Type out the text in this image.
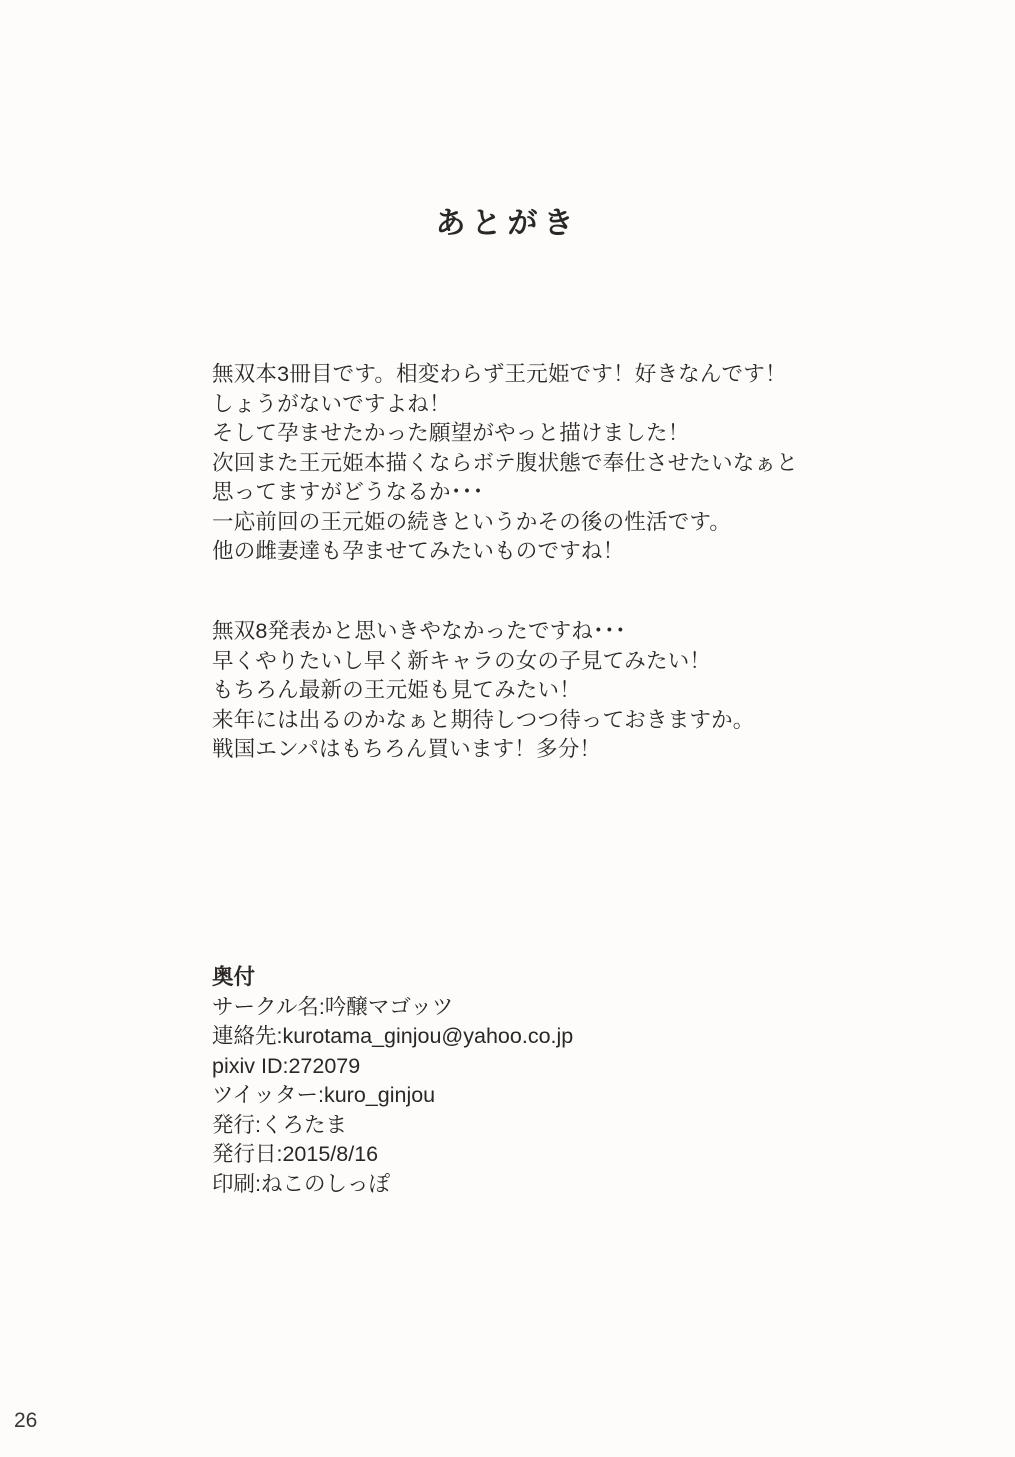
あとがき

無双本3冊目です。相変わらず王元姫です！好きなんです！

しょうがないですよね！

そして孕ませたかった願望がやっと描けました！

次回また王元姫本描くならボテ腹状態で奉仕させたいなぁと

思ってますがどうなるか･･･

一応前回の王元姫の続きというかその後の性活です。

他の雌妻達も孕ませてみたいものですね！

無双8発表かと思いきやなかったですね･･･

早くやりたいし早く新キャラの女の子見てみたい！

もちろん最新の王元姫も見てみたい！

来年には出るのかなぁと期待しつつ待っておきますか。

戦国エンパはもちろん買います！多分！

奥付

サークル名:吟醸マゴッツ

連絡先:kurotama_ginjou@yahoo.co.jp

pixiv ID:272079

ツイッター:kuro_ginjou

発行:くろたま

発行日:2015/8/16

印刷:ねこのしっぽ

26
